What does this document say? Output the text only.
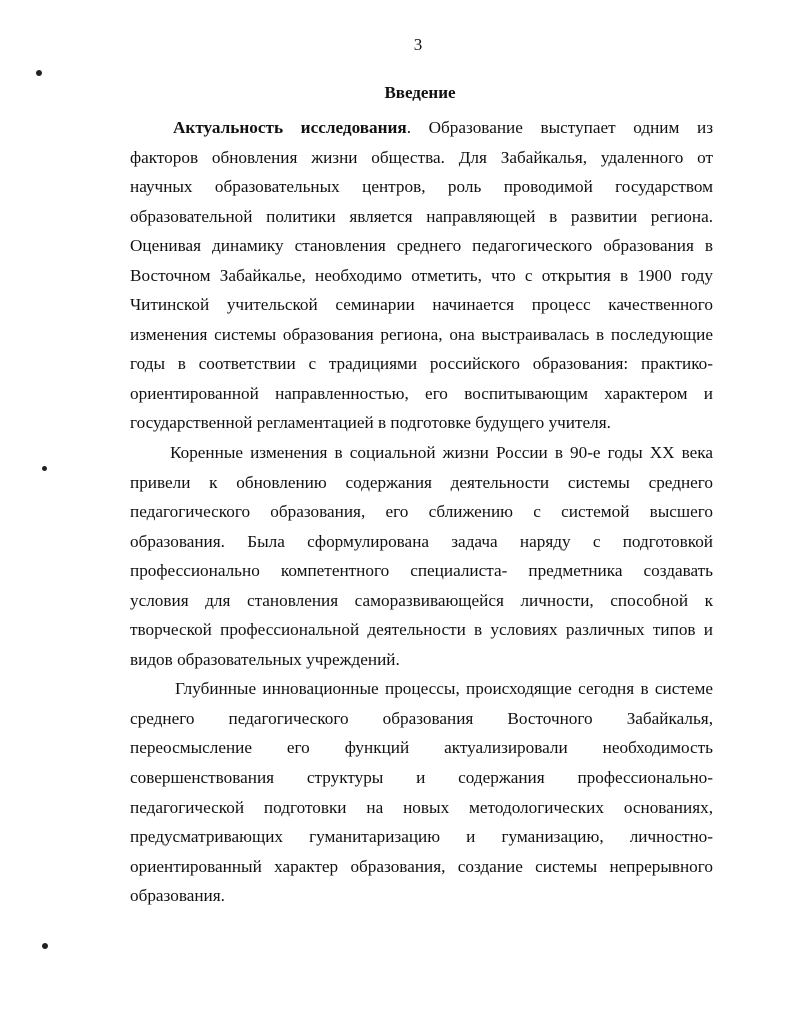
3
Введение
Актуальность исследования. Образование выступает одним из
факторов обновления жизни общества. Для Забайкалья, удаленного от
научных образовательных центров, роль проводимой государством
образовательной политики является направляющей в развитии региона.
Оценивая динамику становления среднего педагогического образования в
Восточном Забайкалье, необходимо отметить, что с открытия в 1900 году
Читинской учительской семинарии начинается процесс качественного
изменения системы образования региона, она выстраивалась в последующие
годы в соответствии с традициями российского образования: практико-
ориентированной направленностью, его воспитывающим характером и
государственной регламентацией в подготовке будущего учителя.
Коренные изменения в социальной жизни России в 90-е годы XX века
привели к обновлению содержания деятельности системы среднего
педагогического образования, его сближению с системой высшего
образования. Была сформулирована задача наряду с подготовкой
профессионально компетентного специалиста- предметника создавать
условия для становления саморазвивающейся личности, способной к
творческой профессиональной деятельности в условиях различных типов и
видов образовательных учреждений.
Глубинные инновационные процессы, происходящие сегодня в системе
среднего педагогического образования Восточного Забайкалья,
переосмысление его функций актуализировали необходимость
совершенствования структуры и содержания профессионально-
педагогической подготовки на новых методологических основаниях,
предусматривающих гуманитаризацию и гуманизацию, личностно-
ориентированный характер образования, создание системы непрерывного
образования.
